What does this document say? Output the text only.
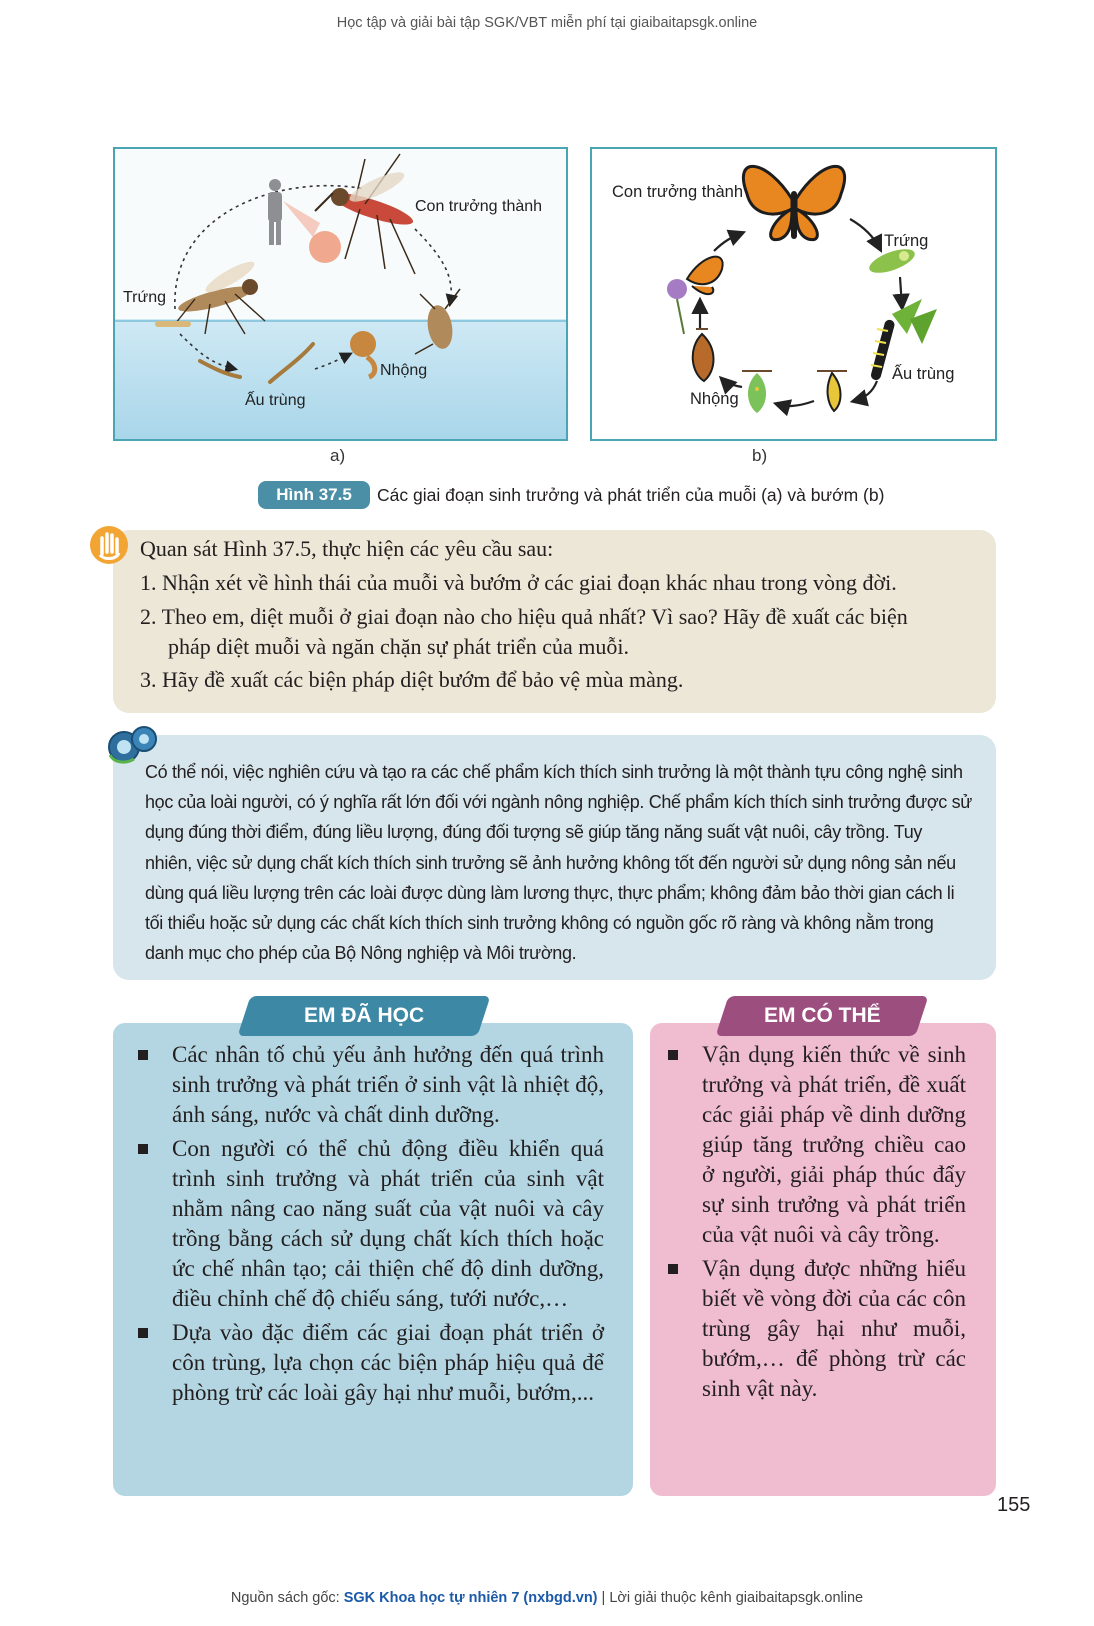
Học tập và giải bài tập SGK/VBT miễn phí tại giaibaitapsgk.online
Con trưởng thành
Trứng
Nhộng
Ấu trùng
a)
Con trưởng thành
Trứng
Ấu trùng
Nhộng
b)
Hình 37.5	Các giai đoạn sinh trưởng và phát triển của muỗi (a) và bướm (b)
Quan sát Hình 37.5, thực hiện các yêu cầu sau:
1. Nhận xét về hình thái của muỗi và bướm ở các giai đoạn khác nhau trong vòng đời.
2. Theo em, diệt muỗi ở giai đoạn nào cho hiệu quả nhất? Vì sao? Hãy đề xuất các biện
pháp diệt muỗi và ngăn chặn sự phát triển của muỗi.
3. Hãy đề xuất các biện pháp diệt bướm để bảo vệ mùa màng.
Có thể nói, việc nghiên cứu và tạo ra các chế phẩm kích thích sinh trưởng là một thành tựu công nghệ sinh học của loài người, có ý nghĩa rất lớn đối với ngành nông nghiệp. Chế phẩm kích thích sinh trưởng được sử dụng đúng thời điểm, đúng liều lượng, đúng đối tượng sẽ giúp tăng năng suất vật nuôi, cây trồng. Tuy nhiên, việc sử dụng chất kích thích sinh trưởng sẽ ảnh hưởng không tốt đến người sử dụng nông sản nếu dùng quá liều lượng trên các loài được dùng làm lương thực, thực phẩm; không đảm bảo thời gian cách li tối thiểu hoặc sử dụng các chất kích thích sinh trưởng không có nguồn gốc rõ ràng và không nằm trong danh mục cho phép của Bộ Nông nghiệp và Môi trường.
EM ĐÃ HỌC
Các nhân tố chủ yếu ảnh hưởng đến quá trình sinh trưởng và phát triển ở sinh vật là nhiệt độ, ánh sáng, nước và chất dinh dưỡng.
Con người có thể chủ động điều khiển quá trình sinh trưởng và phát triển của sinh vật nhằm nâng cao năng suất của vật nuôi và cây trồng bằng cách sử dụng chất kích thích hoặc ức chế nhân tạo; cải thiện chế độ dinh dưỡng, điều chỉnh chế độ chiếu sáng, tưới nước,…
Dựa vào đặc điểm các giai đoạn phát triển ở côn trùng, lựa chọn các biện pháp hiệu quả để phòng trừ các loài gây hại như muỗi, bướm,...
EM CÓ THỂ
Vận dụng kiến thức về sinh trưởng và phát triển, đề xuất các giải pháp về dinh dưỡng giúp tăng trưởng chiều cao ở người, giải pháp thúc đẩy sự sinh trưởng và phát triển của vật nuôi và cây trồng.
Vận dụng được những hiểu biết về vòng đời của các côn trùng gây hại như muỗi, bướm,… để phòng trừ các sinh vật này.
155
Nguồn sách gốc: SGK Khoa học tự nhiên 7 (nxbgd.vn) | Lời giải thuộc kênh giaibaitapsgk.online
